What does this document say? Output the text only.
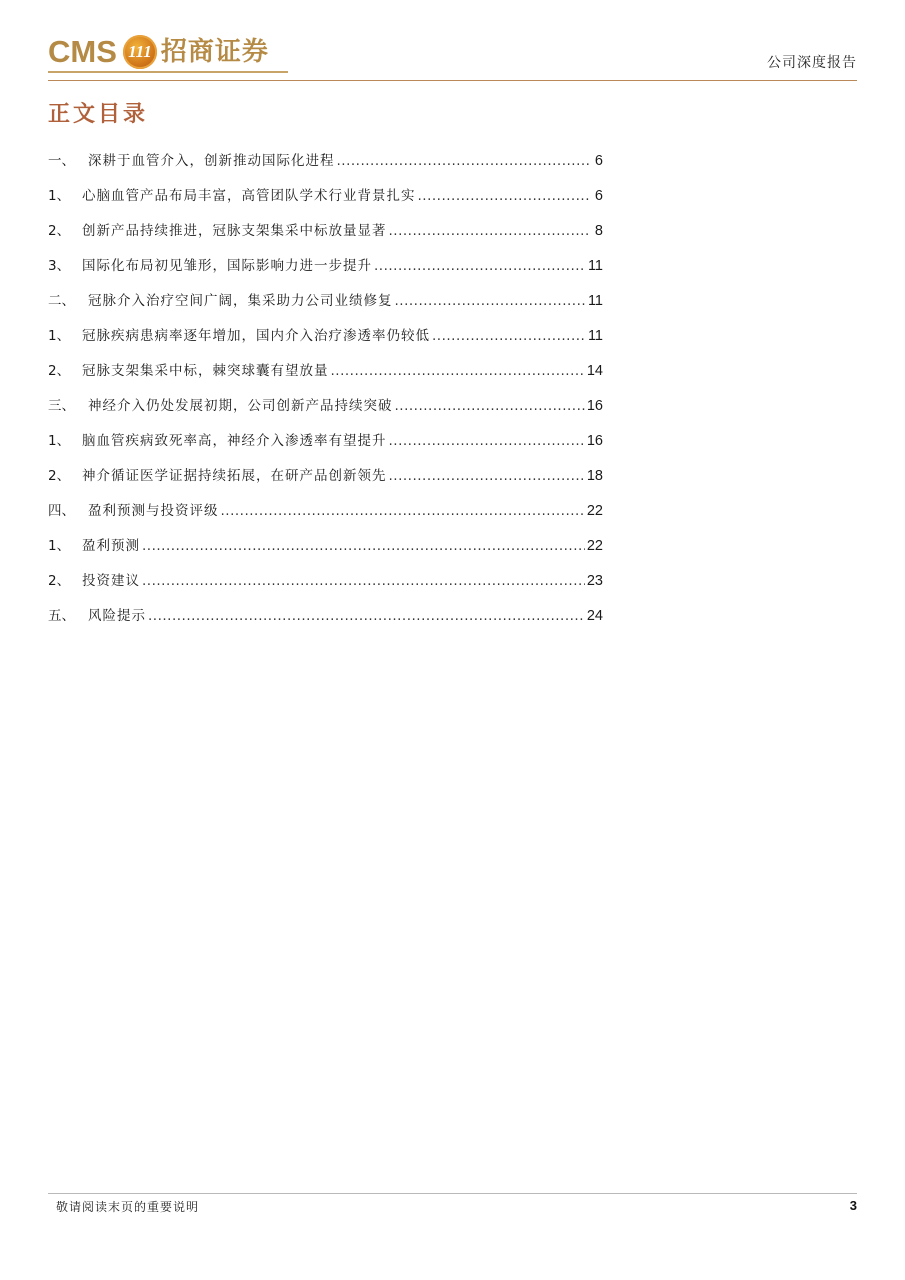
CMS 111 招商证券	公司深度报告
正文目录
一、 深耕于血管介入，创新推动国际化进程 .....	6
1、 心脑血管产品布局丰富，高管团队学术行业背景扎实 .....	6
2、 创新产品持续推进，冠脉支架集采中标放量显著 .....	8
3、 国际化布局初见雏形，国际影响力进一步提升 .....	11
二、 冠脉介入治疗空间广阔，集采助力公司业绩修复 .....	11
1、 冠脉疾病患病率逐年增加，国内介入治疗渗透率仍较低 .....	11
2、 冠脉支架集采中标，棘突球囊有望放量 .....	14
三、 神经介入仍处发展初期，公司创新产品持续突破 .....	16
1、 脑血管疾病致死率高，神经介入渗透率有望提升 .....	16
2、 神介循证医学证据持续拓展，在研产品创新领先 .....	18
四、 盈利预测与投资评级 .....	22
1、 盈利预测 .....	22
2、 投资建议 .....	23
五、 风险提示 .....	24
敬请阅读末页的重要说明	3
